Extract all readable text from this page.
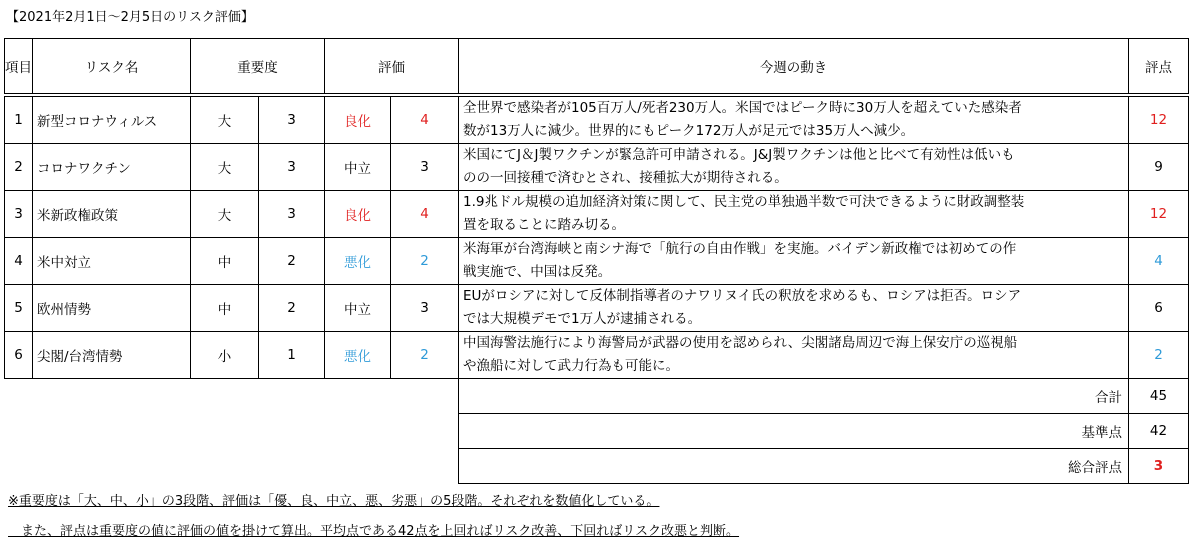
【2021年2月1日〜2月5日のリスク評価】
項目	リスク名	重要度		評価		今週の動き	評点

1	新型コロナウィルス	大	3	良化	4	全世界で感染者が105百万人/死者230万人。米国ではピーク時に30万人を超えていた感染者
数が13万人に減少。世界的にもピーク172万人が足元では35万人へ減少。	12
2	コロナワクチン	大	3	中立	3	米国にてJ＆J製ワクチンが緊急許可申請される。J&J製ワクチンは他と比べて有効性は低いも
のの一回接種で済むとされ、接種拡大が期待される。	9
3	米新政権政策	大	3	良化	4	1.9兆ドル規模の追加経済対策に関して、民主党の単独過半数で可決できるように財政調整装
置を取ることに踏み切る。	12
4	米中対立	中	2	悪化	2	米海軍が台湾海峡と南シナ海で「航行の自由作戦」を実施。バイデン新政権では初めての作
戦実施で、中国は反発。	4
5	欧州情勢	中	2	中立	3	EUがロシアに対して反体制指導者のナワリヌイ氏の釈放を求めるも、ロシアは拒否。ロシア
では大規模デモで1万人が逮捕される。	6
6	尖閣/台湾情勢	小	1	悪化	2	中国海警法施行により海警局が武器の使用を認められ、尖閣諸島周辺で海上保安庁の巡視船
や漁船に対して武力行為も可能に。	2
						合計	45
						基準点	42
						総合評点	3
※重要度は「大、中、小」の3段階、評価は「優、良、中立、悪、劣悪」の5段階。それぞれを数値化している。
　また、評点は重要度の値に評価の値を掛けて算出。平均点である42点を上回ればリスク改善、下回ればリスク改悪と判断。
